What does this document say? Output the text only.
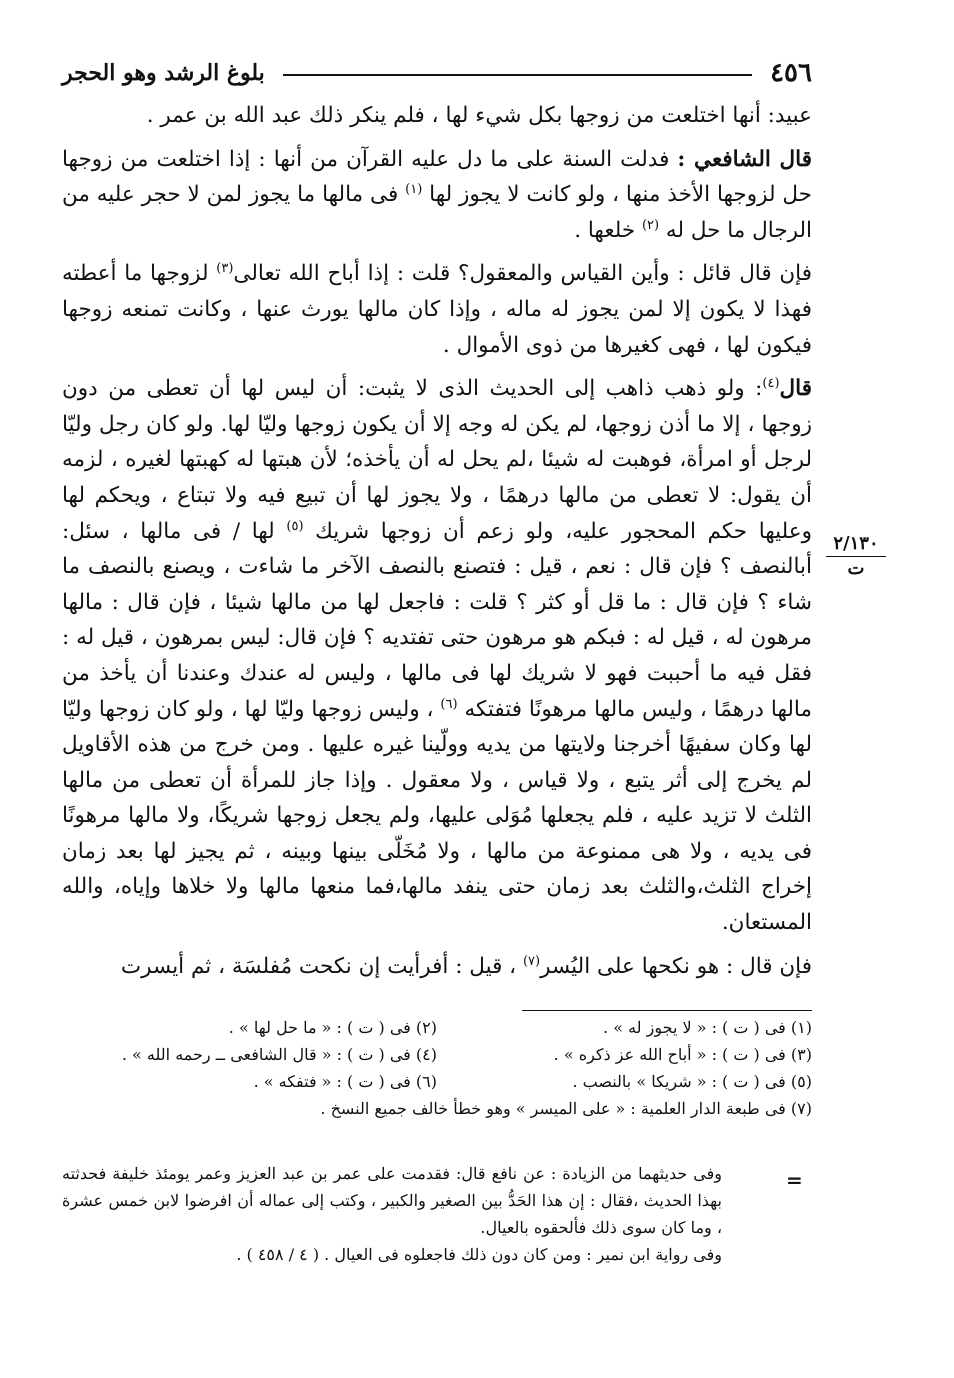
٤٥٦
بلوغ الرشد وهو الحجر

عبيد: أنها اختلعت من زوجها بكل شيء لها ، فلم ينكر ذلك عبد الله بن عمر .

قال الشافعي : فدلت السنة على ما دل عليه القرآن من أنها : إذا اختلعت من زوجها حل لزوجها الأخذ منها ، ولو كانت لا يجوز لها $^{(١)}$ فى مالها ما يجوز لمن لا حجر عليه من الرجال ما حل له $^{(٢)}$ خلعها .

فإن قال قائل : وأين القياس والمعقول؟ قلت : إذا أباح الله تعالى$^{(٣)}$ لزوجها ما أعطته فهذا لا يكون إلا لمن يجوز له ماله ، وإذا كان مالها يورث عنها ، وكانت تمنعه زوجها فيكون لها ، فهى كغيرها من ذوى الأموال .

قال$^{(٤)}$: ولو ذهب ذاهب إلى الحديث الذى لا يثبت: أن ليس لها أن تعطى من دون زوجها ، إلا ما أذن زوجها، لم يكن له وجه إلا أن يكون زوجها وليّا لها. ولو كان رجل وليّا لرجل أو امرأة، فوهبت له شيئا ،لم يحل له أن يأخذه؛ لأن هبتها له كهبتها لغيره ، لزمه أن يقول: لا تعطى من مالها درهمًا ، ولا يجوز لها أن تبيع فيه ولا تبتاع ، ويحكم لها وعليها حكم المحجور عليه، ولو زعم أن زوجها شريك $^{(٥)}$ لها / فى مالها ، سئل: أبالنصف ؟ فإن قال : نعم ، قيل : فتصنع بالنصف الآخر ما شاءت ، ويصنع بالنصف ما شاء ؟ فإن قال : ما قل أو كثر ؟ قلت : فاجعل لها من مالها شيئا ، فإن قال : مالها مرهون له ، قيل له : فبكم هو مرهون حتى تفتديه ؟ فإن قال: ليس بمرهون ، قيل له : فقل فيه ما أحببت فهو لا شريك لها فى مالها ، وليس له عندك وعندنا أن يأخذ من مالها درهمًا ، وليس مالها مرهونًا فتفتكه $^{(٦)}$ ، وليس زوجها وليّا لها ، ولو كان زوجها وليّا لها وكان سفيهًا أخرجنا ولايتها من يديه وولّينا غيره عليها . ومن خرج من هذه الأقاويل لم يخرج إلى أثر يتبع ، ولا قياس ، ولا معقول . وإذا جاز للمرأة أن تعطى من مالها الثلث لا تزيد عليه ، فلم يجعلها مُوَلى عليها، ولم يجعل زوجها شريكًا، ولا مالها مرهونًا فى يديه ، ولا هى ممنوعة من مالها ، ولا مُخَلّى بينها وبينه ، ثم يجيز لها بعد زمان إخراج الثلث،والثلث بعد زمان حتى ينفد مالها،فما منعها مالها ولا خلاها وإياه، والله المستعان.

فإن قال : هو نكحها على اليُسر$^{(٧)}$ ، قيل : أفرأيت إن نكحت مُفلسَة ، ثم أيسرت

٢/١٣٠
ت
(١) فى ( ت ) : « لا يجوز له » .
(٢) فى ( ت ) : « ما حل لها » .
(٣) فى ( ت ) : « أباح الله عز ذكره » .
(٤) فى ( ت ) : « قال الشافعى ــ رحمه الله » .
(٥) فى ( ت ) : « شريكا » بالنصب .
(٦) فى ( ت ) : « فتفكه » .
(٧) فى طبعة الدار العلمية : « على الميسر » وهو خطأ خالف جميع النسخ .
=

وفى حديثهما من الزيادة : عن نافع قال: فقدمت على عمر بن عبد العزيز وعمر يومئذ خليفة فحدثته بهذا الحديث ،فقال : إن هذا الحَدُّ بين الصغير والكبير ، وكتب إلى عماله أن افرضوا لابن خمس عشرة ، وما كان سوى ذلك فألحقوه بالعيال.

وفى رواية ابن نمير : ومن كان دون ذلك فاجعلوه فى العيال . ( ٤ / ٤٥٨ ) .
